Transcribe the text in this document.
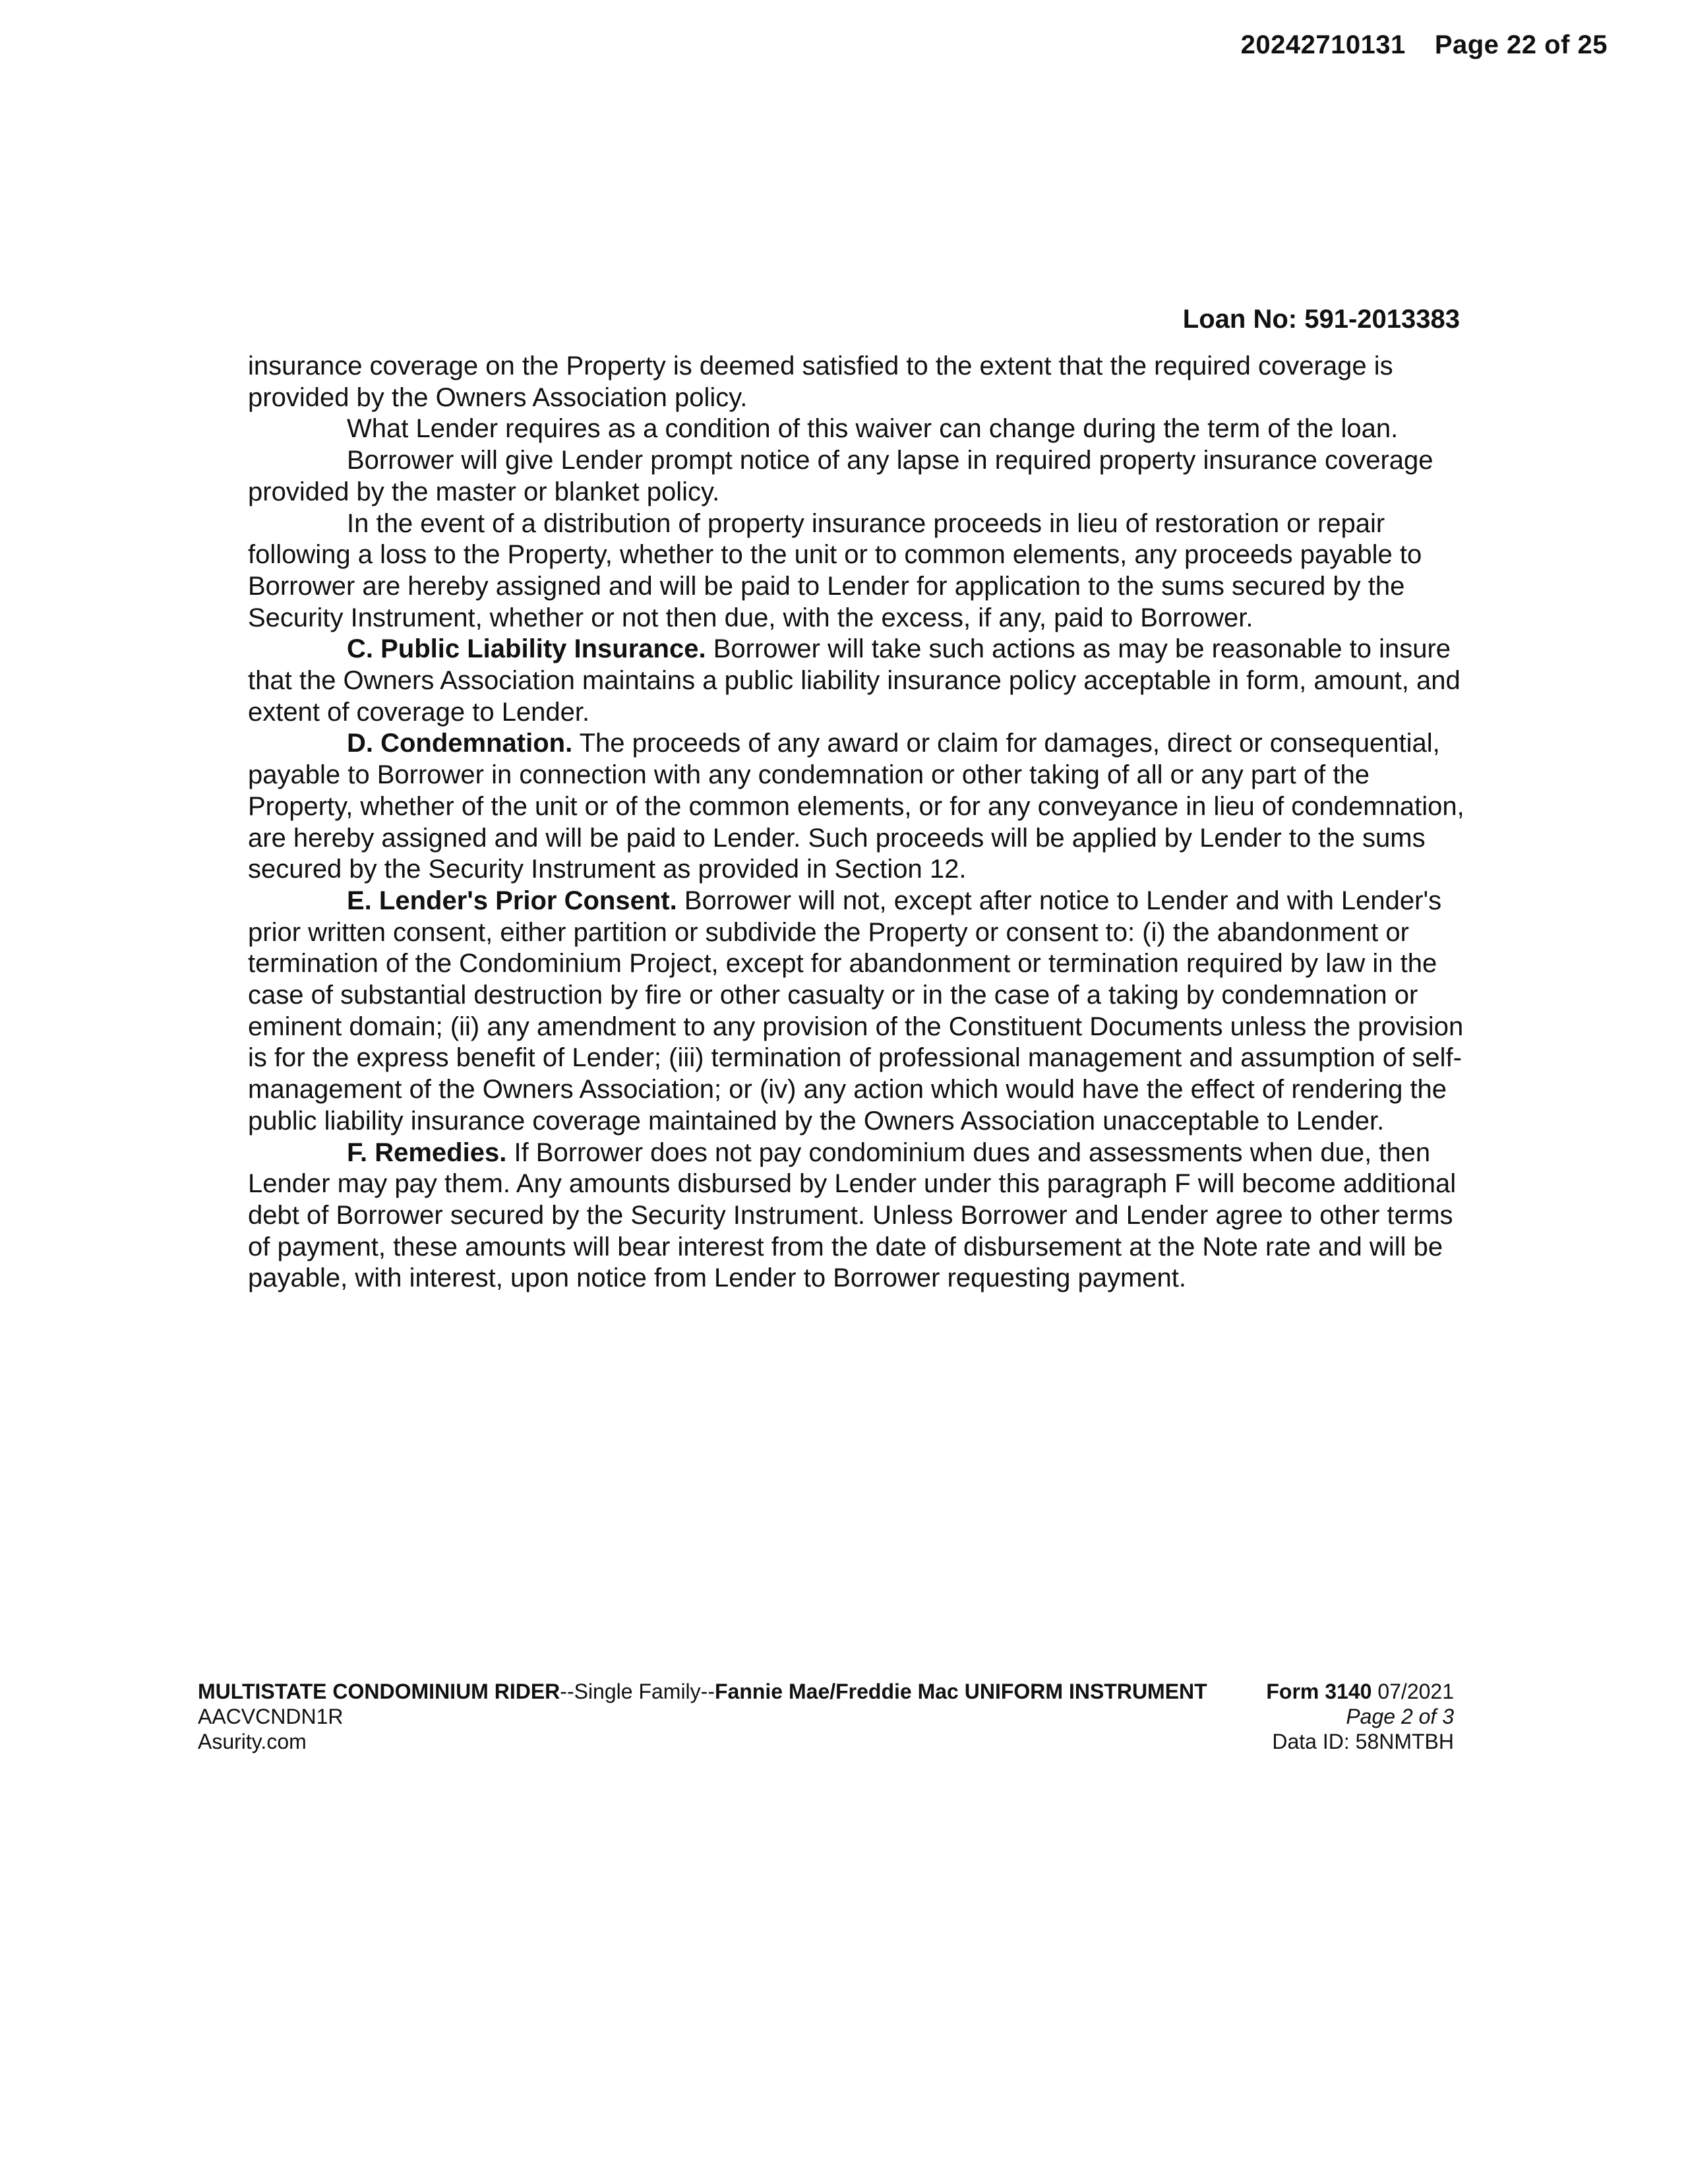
20242710131 Page 22 of 25
Loan No: 591-2013383

insurance coverage on the Property is deemed satisfied to the extent that the required coverage is provided by the Owners Association policy.

What Lender requires as a condition of this waiver can change during the term of the loan.

Borrower will give Lender prompt notice of any lapse in required property insurance coverage provided by the master or blanket policy.

In the event of a distribution of property insurance proceeds in lieu of restoration or repair following a loss to the Property, whether to the unit or to common elements, any proceeds payable to Borrower are hereby assigned and will be paid to Lender for application to the sums secured by the Security Instrument, whether or not then due, with the excess, if any, paid to Borrower.

C. Public Liability Insurance. Borrower will take such actions as may be reasonable to insure that the Owners Association maintains a public liability insurance policy acceptable in form, amount, and extent of coverage to Lender.

D. Condemnation. The proceeds of any award or claim for damages, direct or consequential, payable to Borrower in connection with any condemnation or other taking of all or any part of the Property, whether of the unit or of the common elements, or for any conveyance in lieu of condemnation, are hereby assigned and will be paid to Lender. Such proceeds will be applied by Lender to the sums secured by the Security Instrument as provided in Section 12.

E. Lender's Prior Consent. Borrower will not, except after notice to Lender and with Lender's prior written consent, either partition or subdivide the Property or consent to: (i) the abandonment or termination of the Condominium Project, except for abandonment or termination required by law in the case of substantial destruction by fire or other casualty or in the case of a taking by condemnation or eminent domain; (ii) any amendment to any provision of the Constituent Documents unless the provision is for the express benefit of Lender; (iii) termination of professional management and assumption of self-management of the Owners Association; or (iv) any action which would have the effect of rendering the public liability insurance coverage maintained by the Owners Association unacceptable to Lender.

F. Remedies. If Borrower does not pay condominium dues and assessments when due, then Lender may pay them. Any amounts disbursed by Lender under this paragraph F will become additional debt of Borrower secured by the Security Instrument. Unless Borrower and Lender agree to other terms of payment, these amounts will bear interest from the date of disbursement at the Note rate and will be payable, with interest, upon notice from Lender to Borrower requesting payment.

MULTISTATE CONDOMINIUM RIDER--Single Family--Fannie Mae/Freddie Mac UNIFORM INSTRUMENT	Form 3140 07/2021
AACVCNDN1R	Page 2 of 3
Asurity.com	Data ID: 58NMTBH
